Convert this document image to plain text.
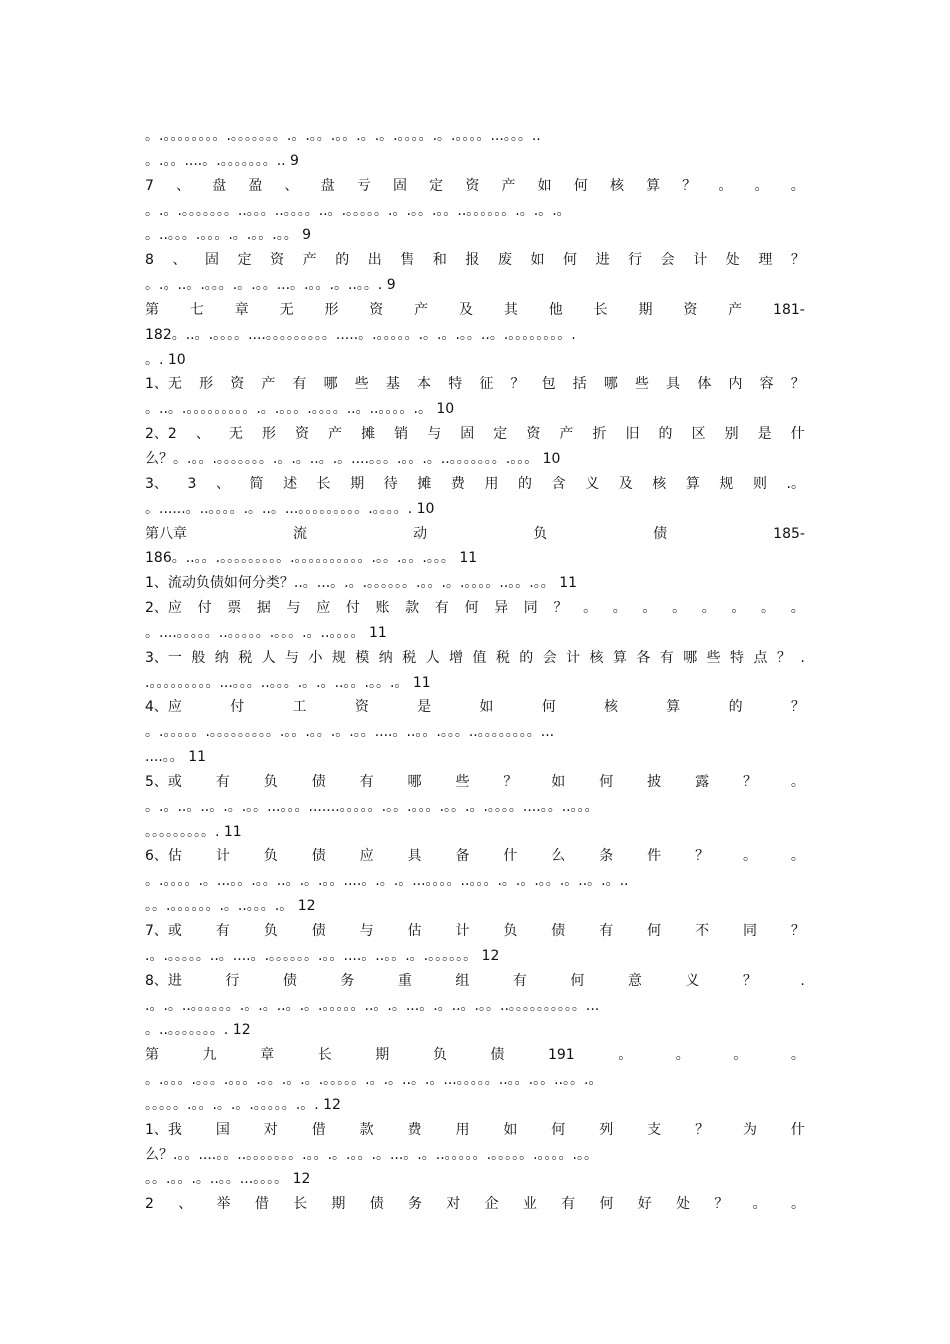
。.。。。。。。。。.。。。。。。。.。.。。.。。.。.。.。。。。.。.。。。。...。。。..
。.。。....。.。。。。。。。.. 9
7 、 盘 盈 、 盘 亏 固 定 资 产 如 何 核 算 ？ 。 。 。
。.。.。。。。。。。..。。。..。。。。..。.。。。。。.。.。。.。。..。。。。。。.。.。.。
。..。。。.。。。.。.。。.。。 9
8 、 固 定 资 产 的 出 售 和 报 废 如 何 进 行 会 计 处 理 ？
。.。..。.。。。.。.。。...。.。。.。..。。. 9
第 七 章 无 形 资 产 及 其 他 长 期 资 产 181-
182。..。.。。。。....。。。。。。。。。.....。.。。。。。.。.。.。。..。.。。。。。。。。.
。. 10
1、无 形 资 产 有 哪 些 基 本 特 征 ？ 包 括 哪 些 具 体 内 容 ？
。..。.。。。。。。。。。.。.。。。.。。。。..。..。。。。.。 10
2、2 、 无 形 资 产 摊 销 与 固 定 资 产 折 旧 的 区 别 是 什
么？。.。。.。。。。。。。.。.。..。.。....。。。.。。.。..。。。。。。。.。。。 10
3、 3 、 简 述 长 期 待 摊 费 用 的 含 义 及 核 算 规 则 .。
。......。..。。。。.。..。...。。。。。。。。。.。。。。. 10
第八章	流	动	负	债	185-
186。..。。.。。。。。。。。。.。。。。。。。。。。.。。.。。.。。。 11
1、流动负债如何分类？..。...。.。.。。。。。。.。。.。.。。。。..。。.。。 11
2、应 付 票 据 与 应 付 账 款 有 何 异 同 ？ 。 。 。 。 。 。 。 。
。....。。。。。..。。。。。.。。。.。..。。。。 11
3、一 般 纳 税 人 与 小 规 模 纳 税 人 增 值 税 的 会 计 核 算 各 有 哪 些 特 点 ？ .
.。。。。。。。。。...。。。..。。。.。.。..。。.。。.。 11
4、应	付	工	资	是	如	何	核	算	的	？
。.。。。。。.。。。。。。。。。.。。.。。.。.。。....。..。。.。。。..。。。。。。。。...
....。。 11
5、或 有 负 债 有 哪 些 ？ 如 何 披 露 ？ 。
。.。..。..。.。.。。...。。。.......。。。。。.。。.。。。.。。.。.。。。。....。。..。。。
。。。。。。。。。. 11
6、估 计 负 债 应 具 备 什 么 条 件 ？ 。 。
。.。。。。.。...。。.。。..。.。.。。....。.。.。...。。。。..。。。.。.。.。。.。..。.。..
。。.。。。。。。.。..。。。.。 12
7、或 有 负 债 与 估 计 负 债 有 何 不 同 ？
.。.。。。。。..。....。.。。。。。。.。。....。..。。.。.。。。。。。 12
8、进	行	债	务	重	组	有	何	意	义	？	.
.。.。..。。。。。。.。.。..。.。.。。。。。..。.。...。.。..。.。。..。。。。。。。。。。...
。..。。。。。。。. 12
第	九	章	长	期	负	债	191	。	。	。	。
。.。。。.。。。.。。。.。。.。.。.。。。。。.。.。..。.。...。。。。。..。。.。。..。。.。
。。。。。.。。.。.。.。。。。。.。. 12
1、我 国 对 借 款 费 用 如 何 列 支 ？ 为 什
么？.。。....。。..。。。。。。。.。。.。.。。.。...。.。..。。。。。.。。。。。.。。。。.。。
。。.。。.。..。。...。。。。 12
2 、 举 借 长 期 债 务 对 企 业 有 何 好 处 ？ 。 。
